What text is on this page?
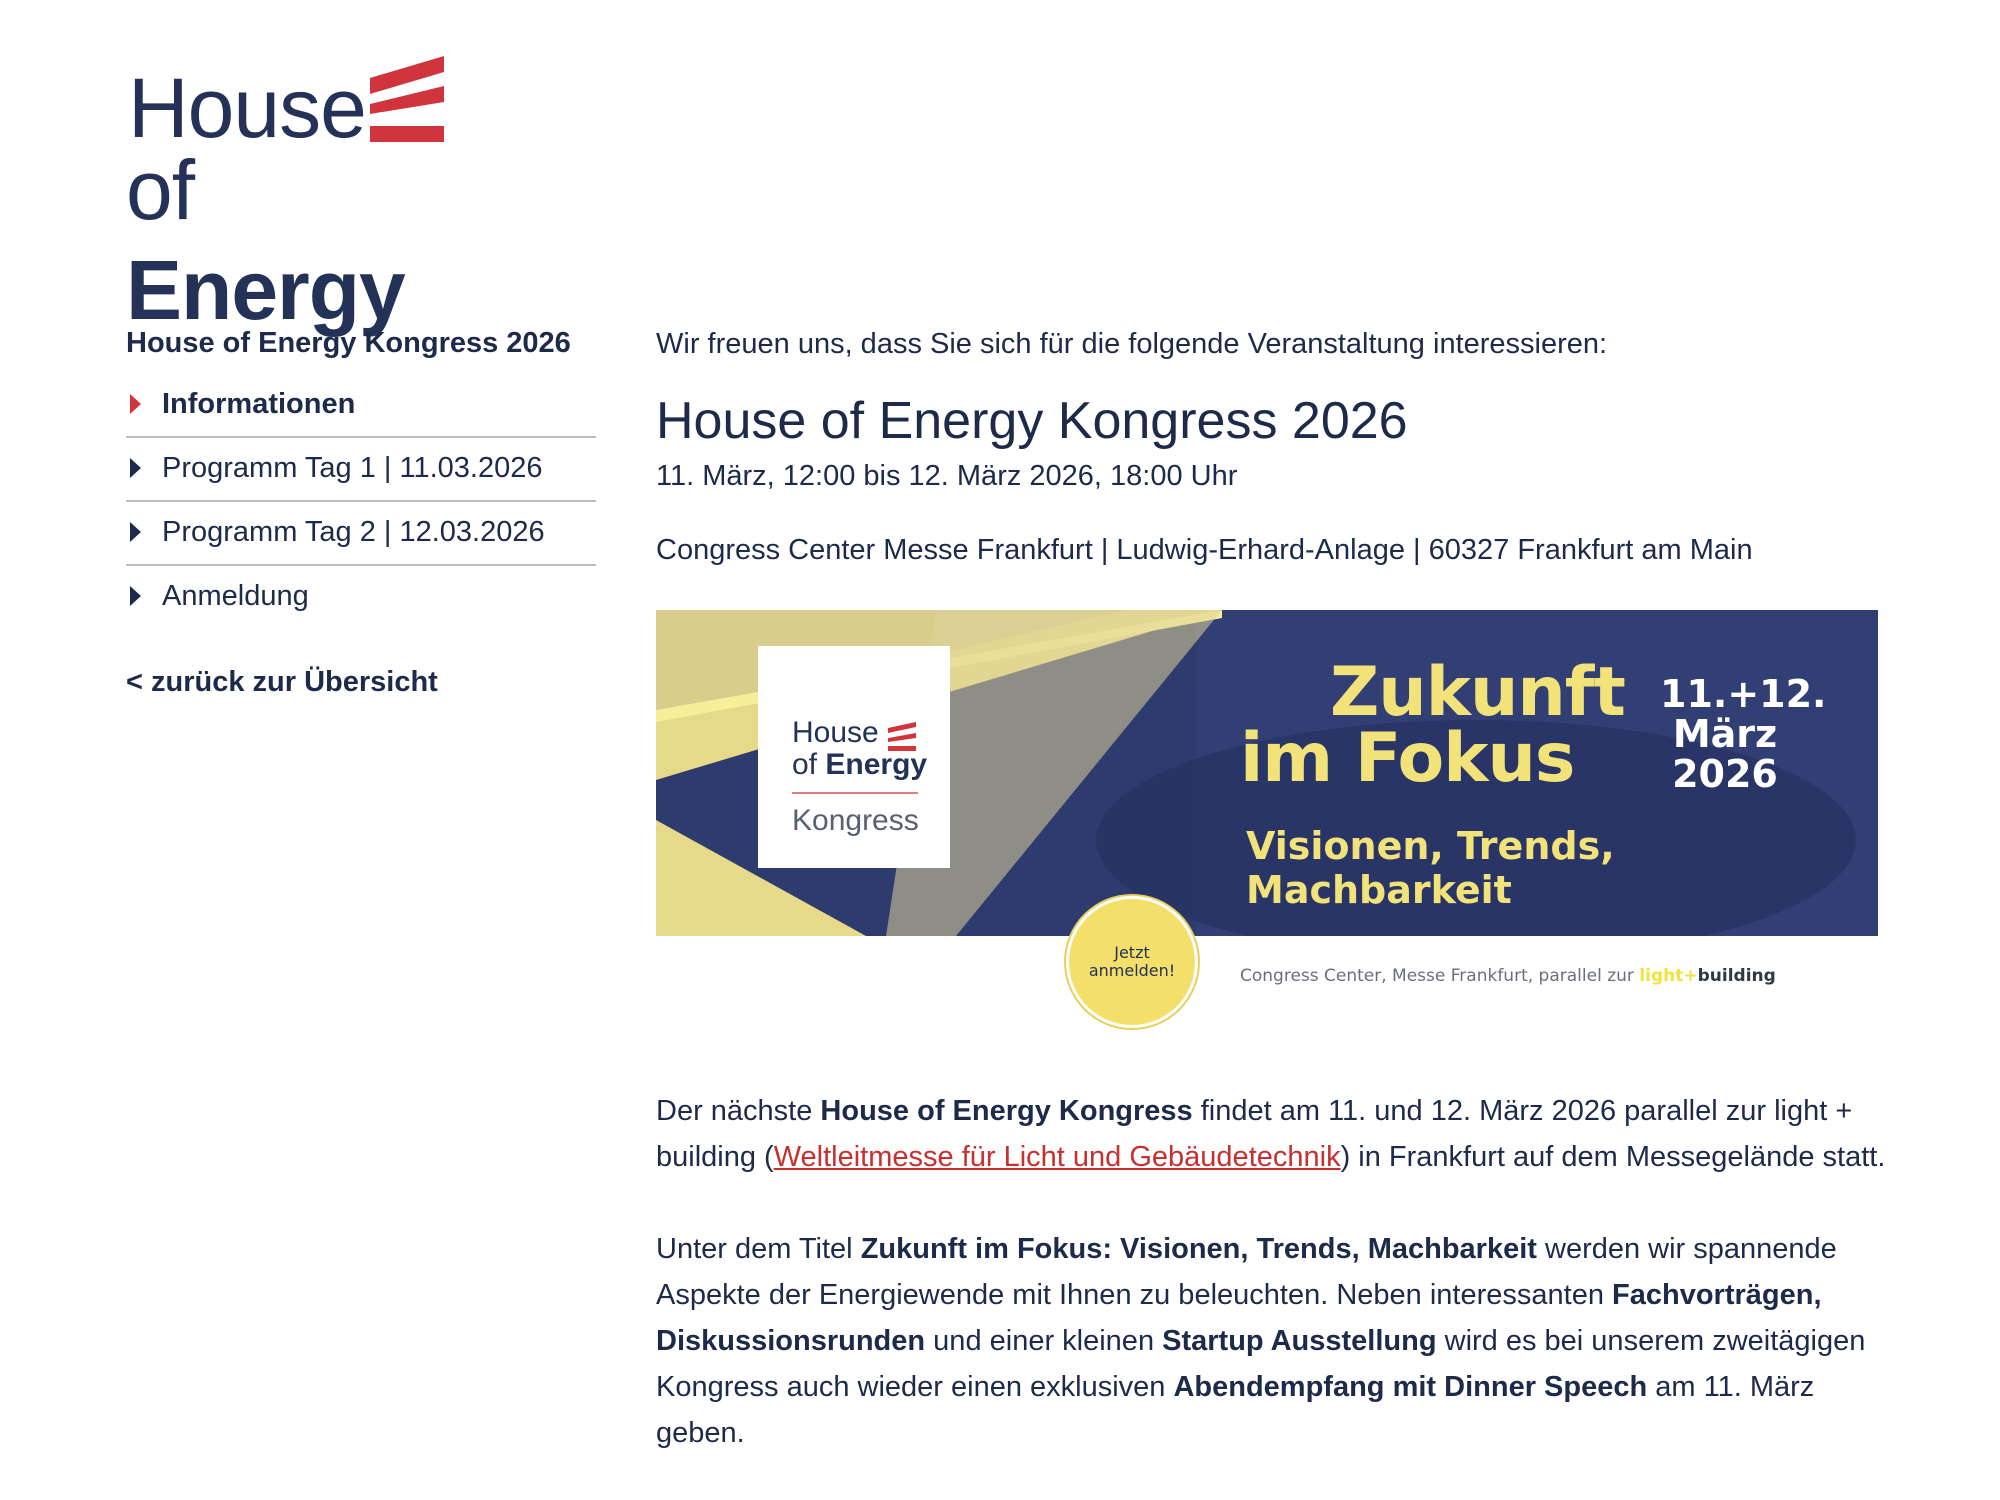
House
of Energy

House of Energy Kongress 2026

Informationen
Programm Tag 1 | 11.03.2026
Programm Tag 2 | 12.03.2026
Anmeldung
< zurück zur Übersicht

Wir freuen uns, dass Sie sich für die folgende Veranstaltung interessieren:

House of Energy Kongress 2026

11. März, 12:00 bis 12. März 2026, 18:00 Uhr

Congress Center Messe Frankfurt | Ludwig-Erhard-Anlage | 60327 Frankfurt am Main

House
of Energy
Kongress
Zukunft
im Fokus
Visionen, Trends, Machbarkeit
11.+12.
März
2026
Jetzt
anmelden!	Congress Center, Messe Frankfurt, parallel zur light+building

Der nächste House of Energy Kongress findet am 11. und 12. März 2026 parallel zur light + building (Weltleitmesse für Licht und Gebäudetechnik) in Frankfurt auf dem Messegelände statt.

Unter dem Titel Zukunft im Fokus: Visionen, Trends, Machbarkeit werden wir spannende Aspekte der Energiewende mit Ihnen zu beleuchten. Neben interessanten Fachvorträgen, Diskussionsrunden und einer kleinen Startup Ausstellung wird es bei unserem zweitägigen Kongress auch wieder einen exklusiven Abendempfang mit Dinner Speech am 11. März geben.
